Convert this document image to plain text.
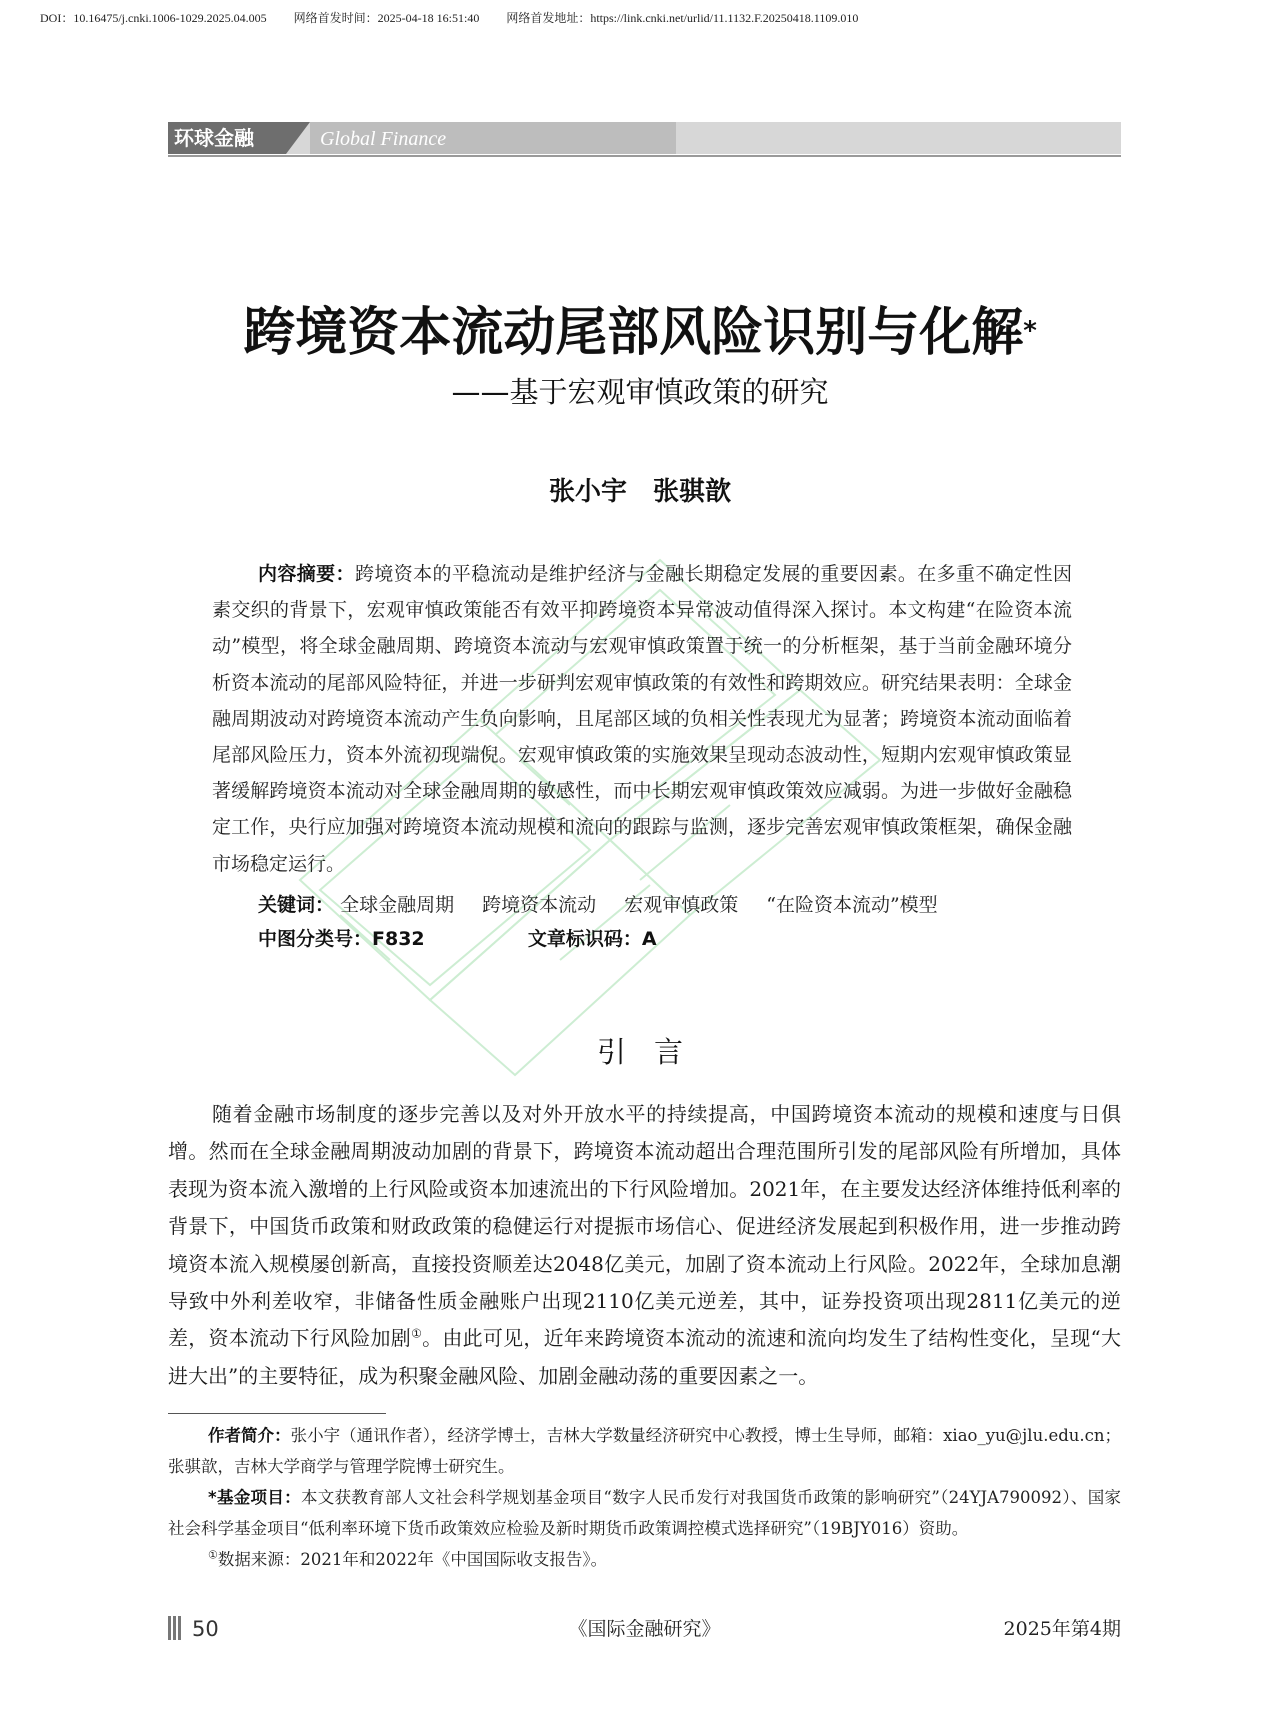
DOI：10.16475/j.cnki.1006-1029.2025.04.005 网络首发时间：2025-04-18 16:51:40 网络首发地址：https://link.cnki.net/urlid/11.1132.F.20250418.1109.010
环球金融	Global Finance
跨境资本流动尾部风险识别与化解*
——基于宏观审慎政策的研究
张小宇　张骐歆
内容摘要：跨境资本的平稳流动是维护经济与金融长期稳定发展的重要因素。在多重不确定性因素交织的背景下，宏观审慎政策能否有效平抑跨境资本异常波动值得深入探讨。本文构建“在险资本流动”模型，将全球金融周期、跨境资本流动与宏观审慎政策置于统一的分析框架，基于当前金融环境分析资本流动的尾部风险特征，并进一步研判宏观审慎政策的有效性和跨期效应。研究结果表明：全球金融周期波动对跨境资本流动产生负向影响，且尾部区域的负相关性表现尤为显著；跨境资本流动面临着尾部风险压力，资本外流初现端倪。宏观审慎政策的实施效果呈现动态波动性，短期内宏观审慎政策显著缓解跨境资本流动对全球金融周期的敏感性，而中长期宏观审慎政策效应减弱。为进一步做好金融稳定工作，央行应加强对跨境资本流动规模和流向的跟踪与监测，逐步完善宏观审慎政策框架，确保金融市场稳定运行。
关键词： 全球金融周期 跨境资本流动 宏观审慎政策 “在险资本流动”模型
中图分类号：F832	文章标识码：A
引言
随着金融市场制度的逐步完善以及对外开放水平的持续提高，中国跨境资本流动的规模和速度与日俱增。然而在全球金融周期波动加剧的背景下，跨境资本流动超出合理范围所引发的尾部风险有所增加，具体表现为资本流入激增的上行风险或资本加速流出的下行风险增加。2021年，在主要发达经济体维持低利率的背景下，中国货币政策和财政政策的稳健运行对提振市场信心、促进经济发展起到积极作用，进一步推动跨境资本流入规模屡创新高，直接投资顺差达2048亿美元，加剧了资本流动上行风险。2022年，全球加息潮导致中外利差收窄，非储备性质金融账户出现2110亿美元逆差，其中，证券投资项出现2811亿美元的逆差，资本流动下行风险加剧①。由此可见，近年来跨境资本流动的流速和流向均发生了结构性变化，呈现“大进大出”的主要特征，成为积聚金融风险、加剧金融动荡的重要因素之一。

作者简介：张小宇（通讯作者），经济学博士，吉林大学数量经济研究中心教授，博士生导师，邮箱：xiao_yu@jlu.edu.cn；张骐歆，吉林大学商学与管理学院博士研究生。

*基金项目：本文获教育部人文社会科学规划基金项目“数字人民币发行对我国货币政策的影响研究”（24YJA790092）、国家社会科学基金项目“低利率环境下货币政策效应检验及新时期货币政策调控模式选择研究”（19BJY016）资助。

①数据来源：2021年和2022年《中国国际收支报告》。

50	《国际金融研究》	2025年第4期
